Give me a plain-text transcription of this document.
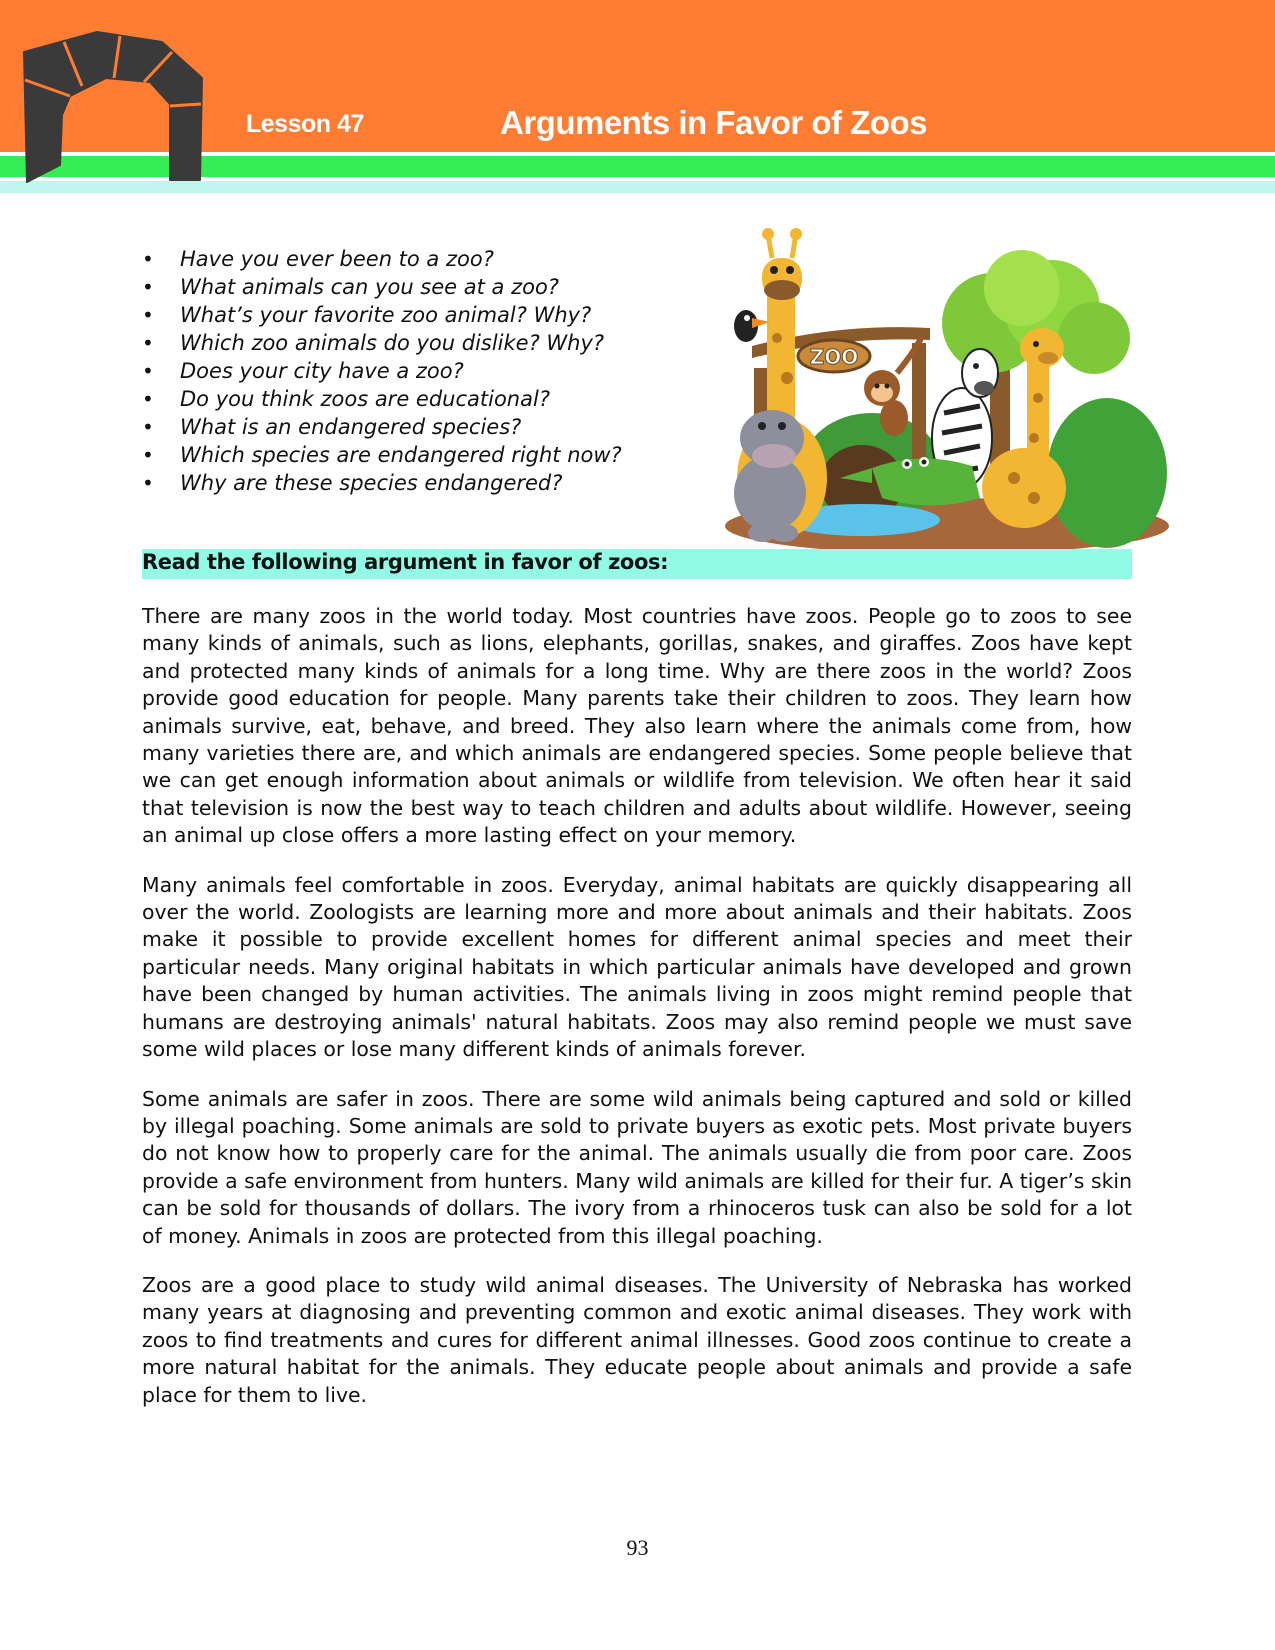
Lesson 47	Arguments in Favor of Zoos
• Have you ever been to a zoo?
• What animals can you see at a zoo?
• What’s your favorite zoo animal? Why?
• Which zoo animals do you dislike? Why?
• Does your city have a zoo?
• Do you think zoos are educational?
• What is an endangered species?
• Which species are endangered right now?
• Why are these species endangered?
ZOO
Read the following argument in favor of zoos:

There are many zoos in the world today. Most countries have zoos. People go to zoos to see many kinds of animals, such as lions, elephants, gorillas, snakes, and giraffes. Zoos have kept and protected many kinds of animals for a long time. Why are there zoos in the world? Zoos provide good education for people. Many parents take their children to zoos. They learn how animals survive, eat, behave, and breed. They also learn where the animals come from, how many varieties there are, and which animals are endangered species. Some people believe that we can get enough information about animals or wildlife from television. We often hear it said that television is now the best way to teach children and adults about wildlife. However, seeing an animal up close offers a more lasting effect on your memory.

Many animals feel comfortable in zoos. Everyday, animal habitats are quickly disappearing all over the world. Zoologists are learning more and more about animals and their habitats. Zoos make it possible to provide excellent homes for different animal species and meet their particular needs. Many original habitats in which particular animals have developed and grown have been changed by human activities. The animals living in zoos might remind people that humans are destroying animals' natural habitats. Zoos may also remind people we must save some wild places or lose many different kinds of animals forever.

Some animals are safer in zoos. There are some wild animals being captured and sold or killed by illegal poaching. Some animals are sold to private buyers as exotic pets. Most private buyers do not know how to properly care for the animal. The animals usually die from poor care. Zoos provide a safe environment from hunters. Many wild animals are killed for their fur. A tiger’s skin can be sold for thousands of dollars. The ivory from a rhinoceros tusk can also be sold for a lot of money. Animals in zoos are protected from this illegal poaching.

Zoos are a good place to study wild animal diseases. The University of Nebraska has worked many years at diagnosing and preventing common and exotic animal diseases. They work with zoos to find treatments and cures for different animal illnesses. Good zoos continue to create a more natural habitat for the animals. They educate people about animals and provide a safe place for them to live.

93
